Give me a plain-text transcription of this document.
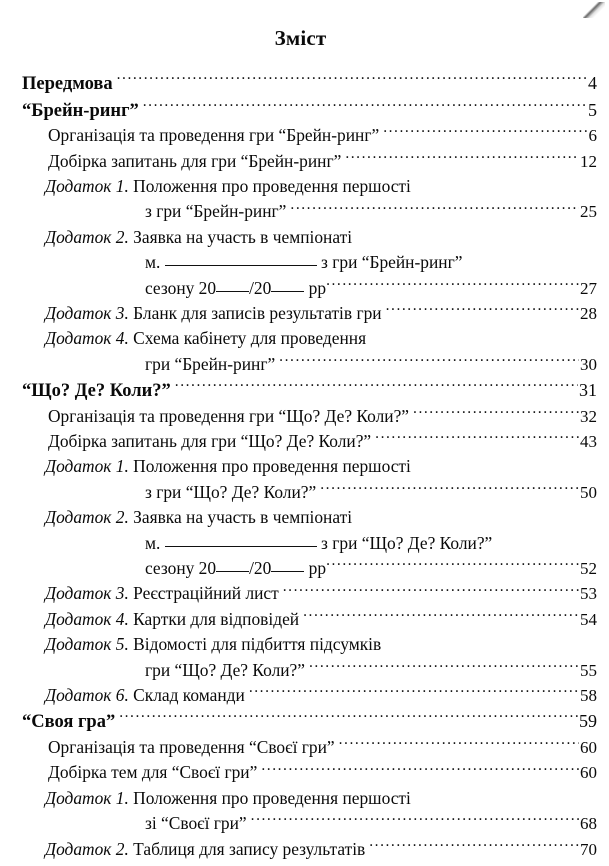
Зміст
Передмова .....	4
“Брейн-ринг” .....	5
Організація та проведення гри “Брейн-ринг” .....	6
Добірка запитань для гри “Брейн-ринг” .....	12
Додаток 1. Положення про проведення першості
з гри “Брейн-ринг” .....	25
Додаток 2. Заявка на участь в чемпіонаті
м.	з гри “Брейн-ринг”
сезону 20 /20 рр .....	27
Додаток 3. Бланк для записів результатів гри .....	28
Додаток 4. Схема кабінету для проведення
гри “Брейн-ринг” .....	30
“Що? Де? Коли?” .....	31
Організація та проведення гри “Що? Де? Коли?” .....	32
Добірка запитань для гри “Що? Де? Коли?” .....	43
Додаток 1. Положення про проведення першості
з гри “Що? Де? Коли?” .....	50
Додаток 2. Заявка на участь в чемпіонаті
м.	з гри “Що? Де? Коли?”
сезону 20 /20 рр .....	52
Додаток 3. Реєстраційний лист .....	53
Додаток 4. Картки для відповідей .....	54
Додаток 5. Відомості для підбиття підсумків
гри “Що? Де? Коли?” .....	55
Додаток 6. Склад команди .....	58
“Своя гра” .....	59
Організація та проведення “Своєї гри” .....	60
Добірка тем для “Своєї гри” .....	60
Додаток 1. Положення про проведення першості
зі “Своєї гри” .....	68
Додаток 2. Таблиця для запису результатів .....	70
